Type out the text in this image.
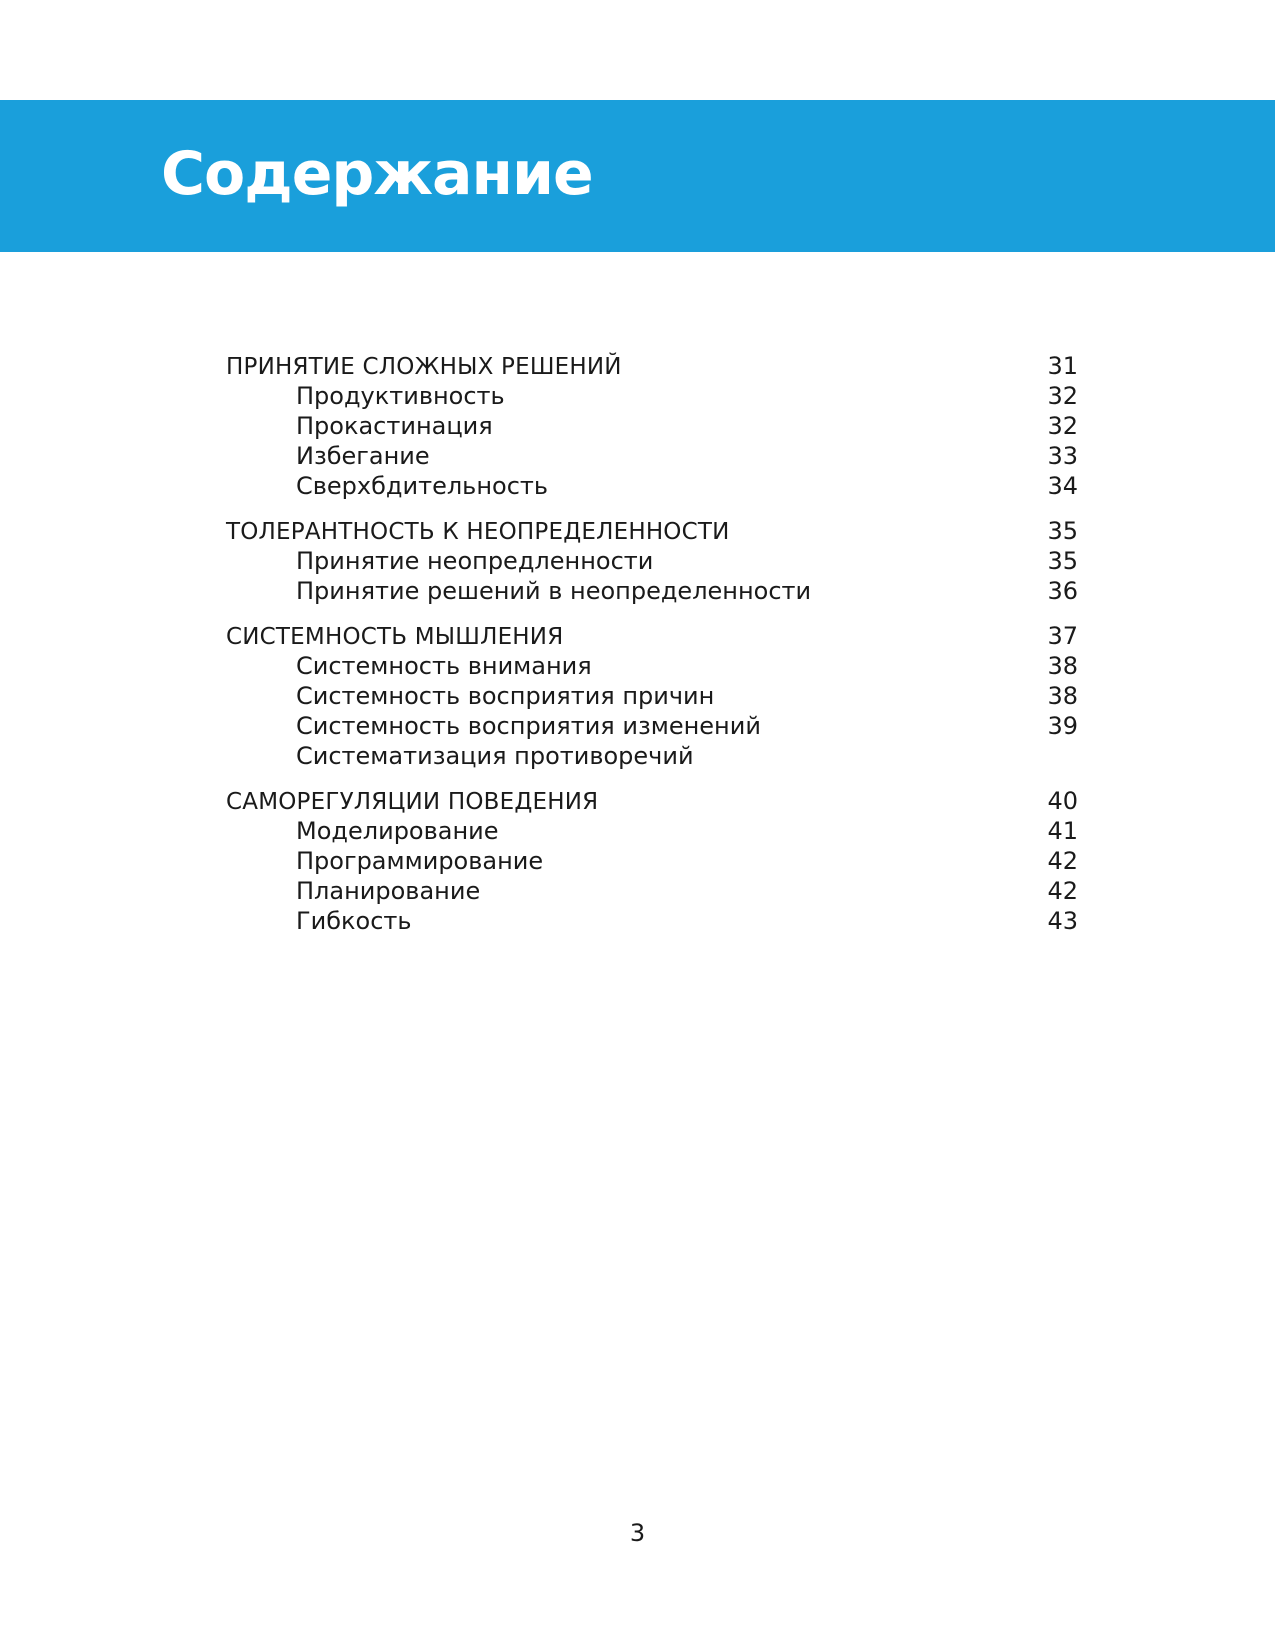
Содержание
ПРИНЯТИЕ СЛОЖНЫХ РЕШЕНИЙ	31
Продуктивность	32
Прокастинация	32
Избегание	33
Сверхбдительность	34
ТОЛЕРАНТНОСТЬ К НЕОПРЕДЕЛЕННОСТИ	35
Принятие неопредленности	35
Принятие решений в неопределенности	36
СИСТЕМНОСТЬ МЫШЛЕНИЯ	37
Системность внимания	38
Системность восприятия причин	38
Системность восприятия изменений	39
Систематизация противоречий
САМОРЕГУЛЯЦИИ ПОВЕДЕНИЯ	40
Моделирование	41
Программирование	42
Планирование	42
Гибкость	43
3
